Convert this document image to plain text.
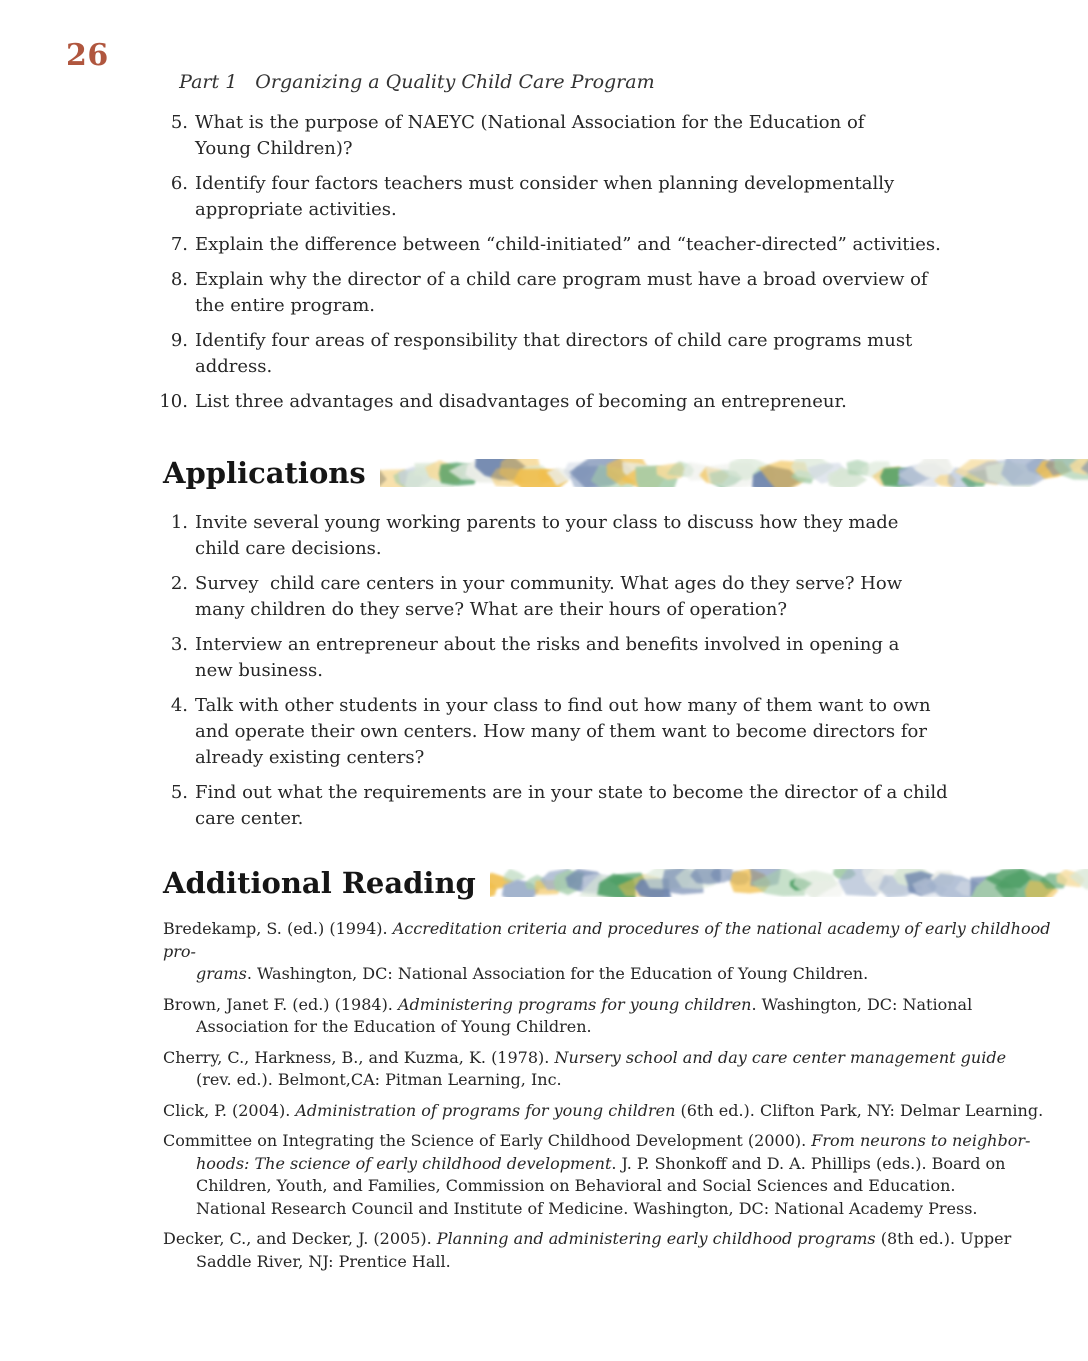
26

Part 1 Organizing a Quality Child Care Program

5. What is the purpose of NAEYC (National Association for the Education of
Young Children)?
6. Identify four factors teachers must consider when planning developmentally
appropriate activities.
7. Explain the difference between “child-initiated” and “teacher-directed” activities.
8. Explain why the director of a child care program must have a broad overview of
the entire program.
9. Identify four areas of responsibility that directors of child care programs must
address.
10. List three advantages and disadvantages of becoming an entrepreneur.
Applications
1. Invite several young working parents to your class to discuss how they made
child care decisions.
2. Survey  child care centers in your community. What ages do they serve? How
many children do they serve? What are their hours of operation?
3. Interview an entrepreneur about the risks and benefits involved in opening a
new business.
4. Talk with other students in your class to find out how many of them want to own
and operate their own centers. How many of them want to become directors for
already existing centers?
5. Find out what the requirements are in your state to become the director of a child
care center.
Additional Reading
Bredekamp, S. (ed.) (1994). Accreditation criteria and procedures of the national academy of early childhood pro-
grams. Washington, DC: National Association for the Education of Young Children.
Brown, Janet F. (ed.) (1984). Administering programs for young children. Washington, DC: National
Association for the Education of Young Children.
Cherry, C., Harkness, B., and Kuzma, K. (1978). Nursery school and day care center management guide
(rev. ed.). Belmont,CA: Pitman Learning, Inc.
Click, P. (2004). Administration of programs for young children (6th ed.). Clifton Park, NY: Delmar Learning.
Committee on Integrating the Science of Early Childhood Development (2000). From neurons to neighbor-
hoods: The science of early childhood development. J. P. Shonkoff and D. A. Phillips (eds.). Board on
Children, Youth, and Families, Commission on Behavioral and Social Sciences and Education.
National Research Council and Institute of Medicine. Washington, DC: National Academy Press.
Decker, C., and Decker, J. (2005). Planning and administering early childhood programs (8th ed.). Upper
Saddle River, NJ: Prentice Hall.
